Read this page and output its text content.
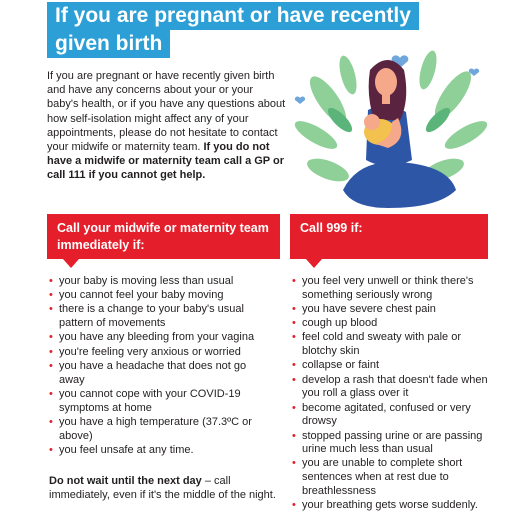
If you are pregnant or have recently
given birth
If you are pregnant or have recently given birth and have any concerns about your or your baby's health, or if you have any questions about how self-isolation might affect any of your appointments, please do not hesitate to contact your midwife or maternity team. If you do not have a midwife or maternity team call a GP or call 111 if you cannot get help.
Call your midwife or maternity team immediately if:
• your baby is moving less than usual
• you cannot feel your baby moving
• there is a change to your baby's usual pattern of movements
• you have any bleeding from your vagina
• you're feeling very anxious or worried
• you have a headache that does not go away
• you cannot cope with your COVID-19 symptoms at home
• you have a high temperature (37.3ºC or above)
• you feel unsafe at any time.
Do not wait until the next day – call immediately, even if it's the middle of the night.
Call 999 if:
• you feel very unwell or think there's something seriously wrong
• you have severe chest pain
• cough up blood
• feel cold and sweaty with pale or blotchy skin
• collapse or faint
• develop a rash that doesn't fade when you roll a glass over it
• become agitated, confused or very drowsy
• stopped passing urine or are passing urine much less than usual
• you are unable to complete short sentences when at rest due to breathlessness
• your breathing gets worse suddenly.
